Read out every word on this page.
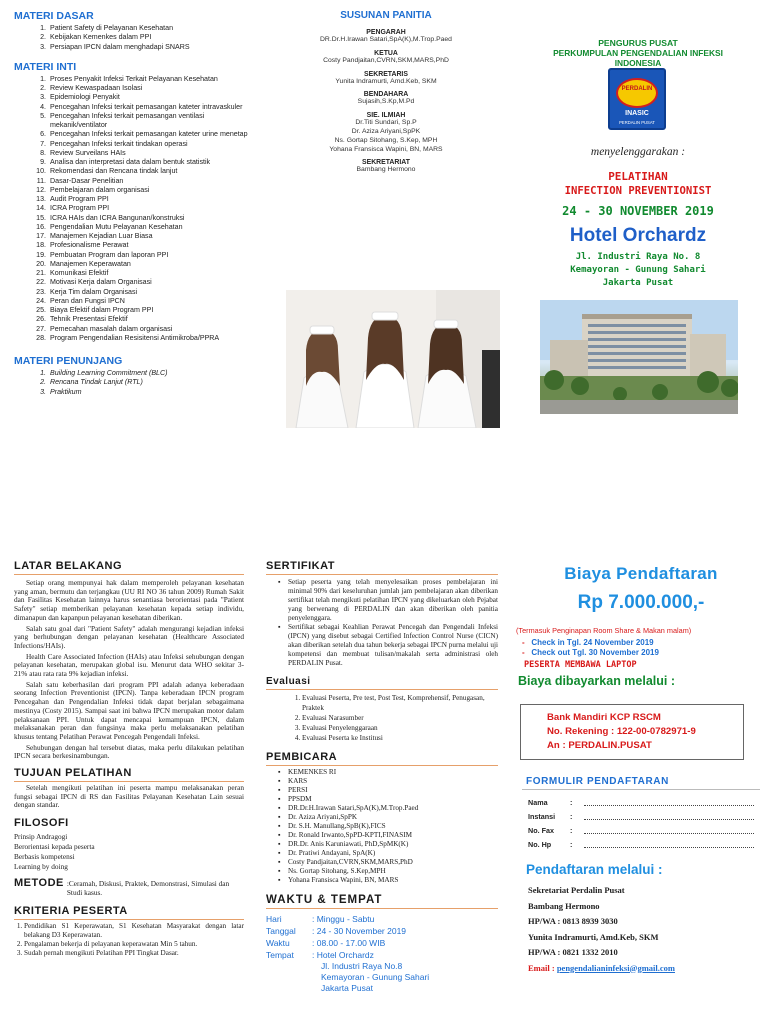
MATERI DASAR
1. Patient Safety di Pelayanan Kesehatan
2. Kebijakan Kemenkes dalam PPI
3. Persiapan IPCN dalam menghadapi SNARS
MATERI INTI
1. Proses Penyakit Infeksi Terkait Pelayanan Kesehatan
2. Review Kewaspadaan Isolasi
3. Epidemiologi Penyakit
4. Pencegahan Infeksi terkait pemasangan kateter intravaskuler
5. Pencegahan Infeksi terkait pemasangan ventilasi mekanik/ventilator
6. Pencegahan Infeksi terkait pemasangan kateter urine menetap
7. Pencegahan Infeksi terkait tindakan operasi
8. Review Surveilans HAIs
9. Analisa dan interpretasi data dalam bentuk statistik
10. Rekomendasi dan Rencana tindak lanjut
11. Dasar-Dasar Penelitian
12. Pembelajaran dalam organisasi
13. Audit Program PPI
14. ICRA Program PPI
15. ICRA HAIs dan ICRA Bangunan/konstruksi
16. Pengendalian Mutu Pelayanan Kesehatan
17. Manajemen Kejadian Luar Biasa
18. Profesionalisme Perawat
19. Pembuatan Program dan laporan PPI
20. Manajemen Keperawatan
21. Komunikasi Efektif
22. Motivasi Kerja dalam Organisasi
23. Kerja Tim dalam Organisasi
24. Peran dan Fungsi IPCN
25. Biaya Efektif dalam Program PPI
26. Tehnik Presentasi Efektif
27. Pemecahan masalah dalam organisasi
28. Program Pengendalian Resisitensi Antimikroba/PPRA
MATERI PENUNJANG
1. Building Learning Commitment (BLC)
2. Rencana Tindak Lanjut (RTL)
3. Praktikum
SUSUNAN PANITIA
PENGARAH
DR.Dr.H.Irawan Satari,SpA(K),M.Trop.Paed
KETUA
Costy Pandjaitan,CVRN,SKM,MARS,PhD
SEKRETARIS
Yunita Indramurti, Amd.Keb, SKM
BENDAHARA
Sujasih,S.Kp,M.Pd
SIE. ILMIAH
Dr.Titi Sundari, Sp.P
Dr. Aziza Ariyani,SpPK
Ns. Gortap Sitohang, S.Kep, MPH
Yohana Fransisca Wapini, BN, MARS
SEKRETARIAT
Bambang Hermono
PENGURUS PUSAT
PERKUMPULAN PENGENDALIAN INFEKSI
INDONESIA
PERDALIN
INASIC
PERDALIN PUSAT
menyelenggarakan :
PELATIHAN
INFECTION PREVENTIONIST
24 - 30 NOVEMBER 2019
Hotel Orchardz
Jl. Industri Raya No. 8
Kemayoran - Gunung Sahari
Jakarta Pusat
LATAR BELAKANG
Setiap orang mempunyai hak dalam memperoleh pelayanan kesehatan yang aman, bermutu dan terjangkau (UU RI NO 36 tahun 2009) Rumah Sakit dan Fasilitas Kesehatan lainnya harus senantiasa berorientasi pada "Patient Safety" setiap memberikan pelayanan kesehatan kepada setiap individu, dimanapun dan kapanpun pelayanan kesehatan diberikan.
Salah satu goal dari "Patient Safety" adalah mengurangi kejadian infeksi yang berhubungan dengan pelayanan kesehatan (Healthcare Associated Infections/HAIs).
Health Care Associated Infection (HAIs) atau Infeksi sehubungan dengan pelayanan kesehatan, merupakan global isu. Menurut data WHO sekitar 3-21% atau rata rata 9% kejadian infeksi.
Salah satu keberhasilan dari program PPI adalah adanya keberadaan seorang Infection Preventionist (IPCN). Tanpa keberadaan IPCN program Pencegahan dan Pengendalian Infeksi tidak dapat berjalan sebagaimana mestinya (Costy 2015). Sampai saat ini bahwa IPCN merupakan motor dalam pelaksanaan PPI. Untuk dapat mencapai kemampuan IPCN, dalam melaksanakan peran dan fungsinya maka perlu melaksanakan pelatihan khusus tentang Pelatihan Perawat Pencegah Pengendali Infeksi.
Sehubungan dengan hal tersebut diatas, maka perlu dilakukan pelatihan IPCN secara berkesinambungan.
TUJUAN PELATIHAN
Setelah mengikuti pelatihan ini peserta mampu melaksanakan peran fungsi sebagai IPCN di RS dan Fasilitas Pelayanan Kesehatan Lain sesuai dengan standar.
FILOSOFI
Prinsip Andragogi
Berorientasi kepada peserta
Berbasis kompetensi
Learning by doing
METODE :Ceramah, Diskusi, Praktek, Demonstrasi, Simulasi dan Studi kasus.
KRITERIA PESERTA
1. Pendidikan S1 Keperawatan, S1 Kesehatan Masyarakat dengan latar belakang D3 Keperawatan.
2. Pengalaman bekerja di pelayanan keperawatan Min 5 tahun.
3. Sudah pernah mengikuti Pelatihan PPI Tingkat Dasar.
SERTIFIKAT
▪ Setiap peserta yang telah menyelesaikan proses pembelajaran ini minimal 90% dari keseluruhan jumlah jam pembelajaran akan diberikan sertifikat telah mengikuti pelatihan IPCN yang dikeluarkan oleh Pejabat yang berwenang di PERDALIN dan akan diberikan oleh panitia penyelenggara.
▪ Sertifikat sebagai Keahlian Perawat Pencegah dan Pengendali Infeksi (IPCN) yang disebut sebagai Certified Infection Control Nurse (CICN) akan diberikan setelah dua tahun bekerja sebagai IPCN purna melalui uji kompetensi dan membuat tulisan/makalah serta administrasi oleh PERDALIN Pusat.
Evaluasi
1. Evaluasi Peserta, Pre test, Post Test, Komprehensif, Penugasan, Praktek
2. Evaluasi Narasumber
3. Evaluasi Penyelenggaraan
4. Evaluasi Peserta ke Institusi
PEMBICARA
▪ KEMENKES RI
▪ KARS
▪ PERSI
▪ PPSDM
▪ DR.Dr.H.Irawan Satari,SpA(K),M.Trop.Paed
▪ Dr. Aziza Ariyani,SpPK
▪ Dr. S.H. Manullang,SpB(K),FICS
▪ Dr. Ronald Irwanto,SpPD-KPTI,FINASIM
▪ DR.Dr. Anis Karuniawati, PhD,SpMK(K)
▪ Dr. Pratiwi Andayani, SpA(K)
▪ Costy Pandjaitan,CVRN,SKM,MARS,PhD
▪ Ns. Gortap Sitohang, S.Kep,MPH
▪ Yohana Fransisca Wapini, BN, MARS
WAKTU & TEMPAT
Hari	: Minggu - Sabtu
Tanggal	: 24 - 30 November 2019
Waktu	: 08.00 - 17.00 WIB
Tempat	: Hotel Orchardz
Jl. Industri Raya No.8
Kemayoran - Gunung Sahari
Jakarta Pusat
Biaya Pendaftaran
Rp 7.000.000,-
(Termasuk Penginapan Room Share & Makan malam)
-   Check in Tgl. 24 November 2019
-   Check out Tgl. 30 November 2019
PESERTA MEMBAWA LAPTOP
Biaya dibayarkan melalui :
Bank Mandiri KCP RSCM
No. Rekening : 122-00-0782971-9
An : PERDALIN.PUSAT
FORMULIR PENDAFTARAN
Nama	:
Instansi	:
No. Fax	:
No. Hp	:
Pendaftaran melalui :
Sekretariat Perdalin Pusat
Bambang Hermono
HP/WA : 0813 8939 3030
Yunita Indramurti, Amd.Keb, SKM
HP/WA : 0821 1332 2010
Email : pengendalianinfeksi@gmail.com
